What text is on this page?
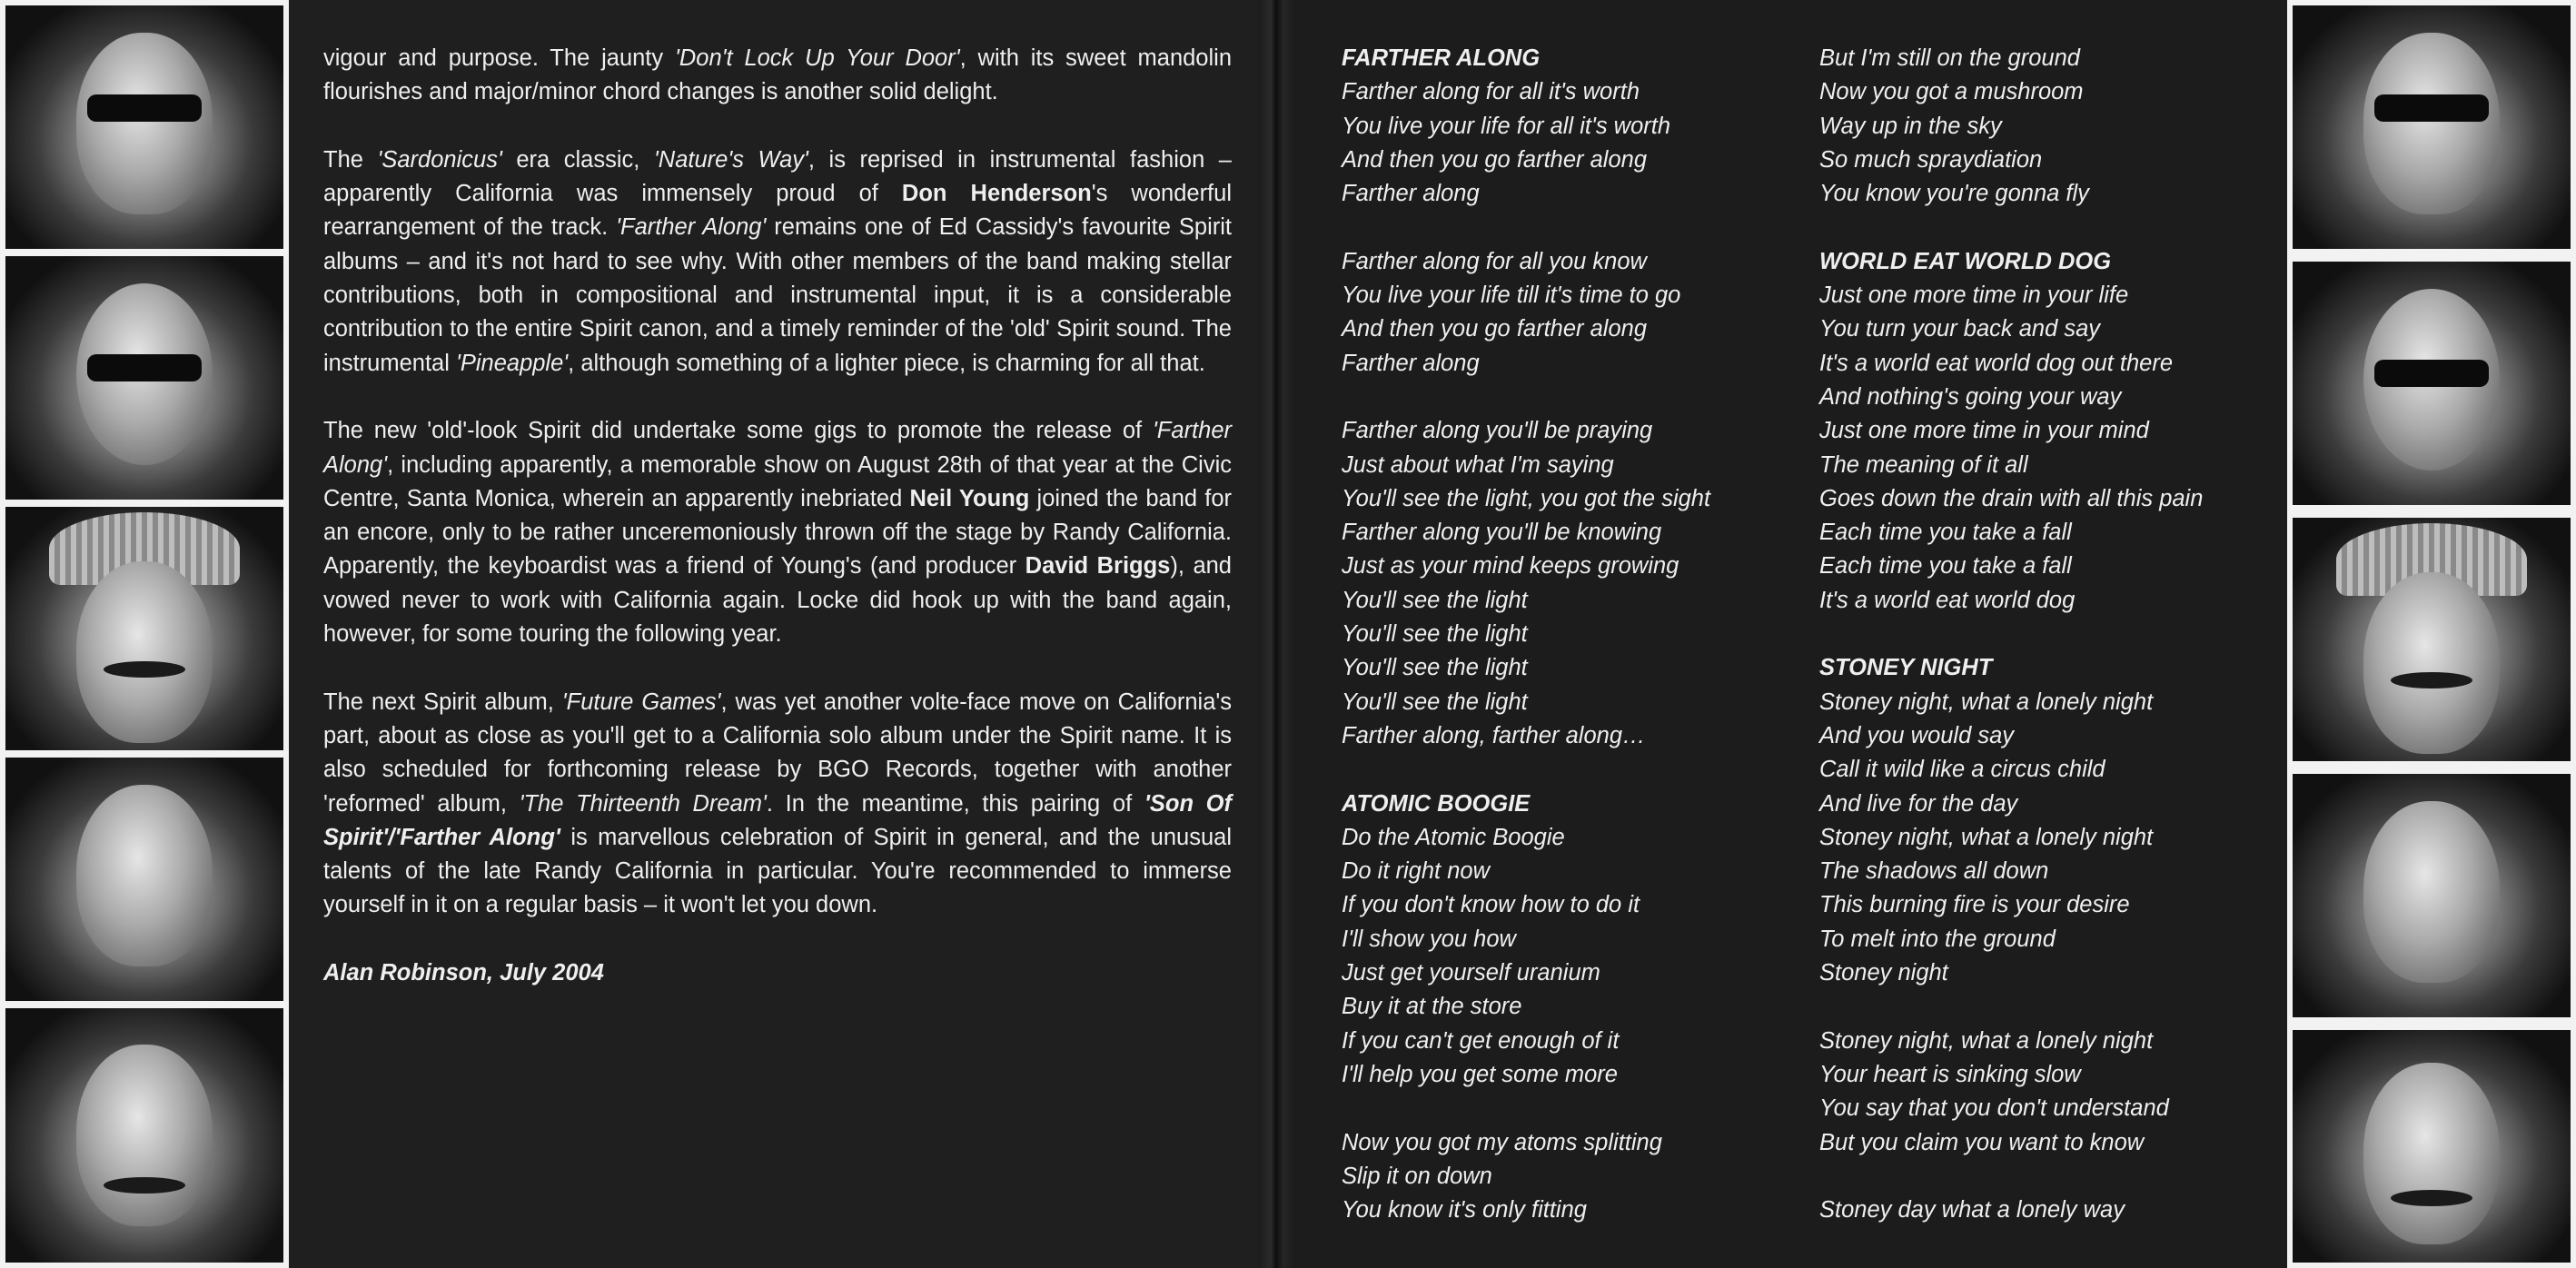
vigour and purpose. The jaunty 'Don't Lock Up Your Door', with its sweet mandolin flourishes and major/minor chord changes is another solid delight.

The 'Sardonicus' era classic, 'Nature's Way', is reprised in instrumental fashion – apparently California was immensely proud of Don Henderson's wonderful rearrangement of the track. 'Farther Along' remains one of Ed Cassidy's favourite Spirit albums – and it's not hard to see why. With other members of the band making stellar contributions, both in compositional and instrumental input, it is a considerable contribution to the entire Spirit canon, and a timely reminder of the 'old' Spirit sound. The instrumental 'Pineapple', although something of a lighter piece, is charming for all that.

The new 'old'-look Spirit did undertake some gigs to promote the release of 'Farther Along', including apparently, a memorable show on August 28th of that year at the Civic Centre, Santa Monica, wherein an apparently inebriated Neil Young joined the band for an encore, only to be rather unceremoniously thrown off the stage by Randy California. Apparently, the keyboardist was a friend of Young's (and producer David Briggs), and vowed never to work with California again. Locke did hook up with the band again, however, for some touring the following year.

The next Spirit album, 'Future Games', was yet another volte-face move on California's part, about as close as you'll get to a California solo album under the Spirit name. It is also scheduled for forthcoming release by BGO Records, together with another 'reformed' album, 'The Thirteenth Dream'. In the meantime, this pairing of 'Son Of Spirit'/'Farther Along' is marvellous celebration of Spirit in general, and the unusual talents of the late Randy California in particular. You're recommended to immerse yourself in it on a regular basis – it won't let you down.

Alan Robinson, July 2004

FARTHER ALONG
Farther along for all it's worth
You live your life for all it's worth
And then you go farther along
Farther along
Farther along for all you know
You live your life till it's time to go
And then you go farther along
Farther along
Farther along you'll be praying
Just about what I'm saying
You'll see the light, you got the sight
Farther along you'll be knowing
Just as your mind keeps growing
You'll see the light
You'll see the light
You'll see the light
You'll see the light
Farther along, farther along…
ATOMIC BOOGIE
Do the Atomic Boogie
Do it right now
If you don't know how to do it
I'll show you how
Just get yourself uranium
Buy it at the store
If you can't get enough of it
I'll help you get some more
Now you got my atoms splitting
Slip it on down
You know it's only fitting
But I'm still on the ground
Now you got a mushroom
Way up in the sky
So much spraydiation
You know you're gonna fly
WORLD EAT WORLD DOG
Just one more time in your life
You turn your back and say
It's a world eat world dog out there
And nothing's going your way
Just one more time in your mind
The meaning of it all
Goes down the drain with all this pain
Each time you take a fall
Each time you take a fall
It's a world eat world dog
STONEY NIGHT
Stoney night, what a lonely night
And you would say
Call it wild like a circus child
And live for the day
Stoney night, what a lonely night
The shadows all down
This burning fire is your desire
To melt into the ground
Stoney night
Stoney night, what a lonely night
Your heart is sinking slow
You say that you don't understand
But you claim you want to know
Stoney day what a lonely way
